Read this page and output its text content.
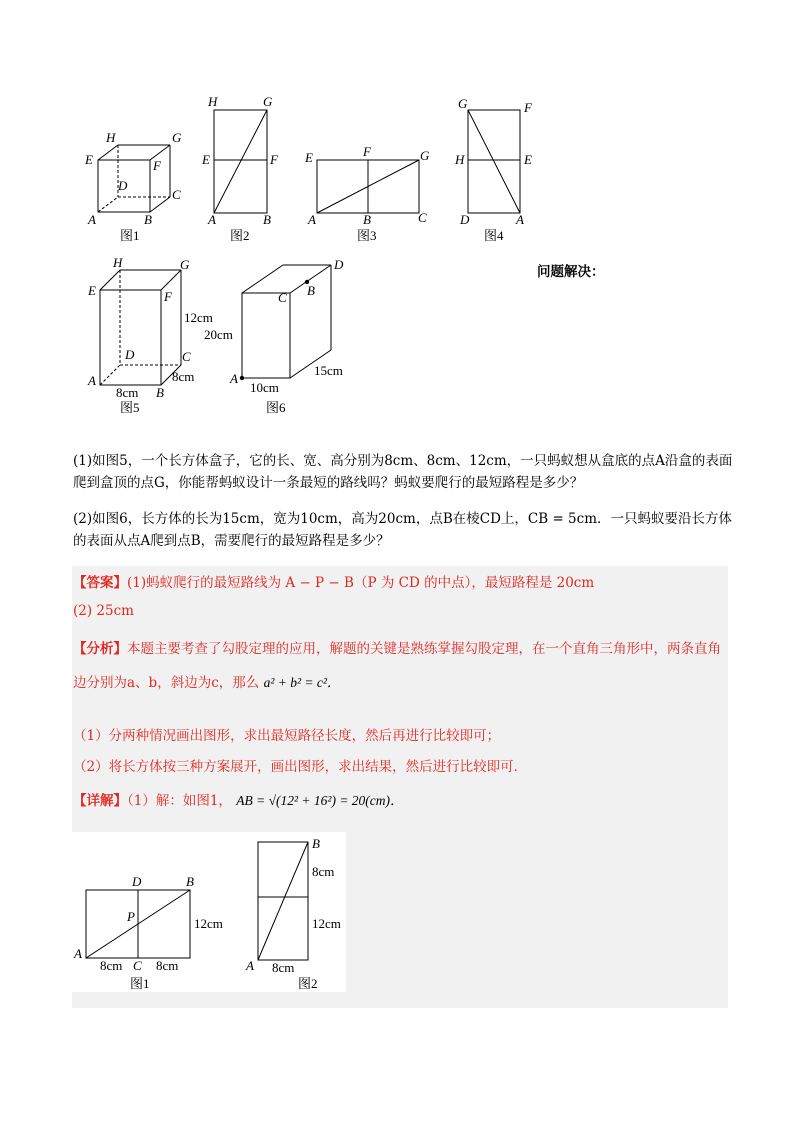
H	G
E	F
D
C
A	B
图1
H	G
E	F
A	B
图2
E	F	G
A	B	C
图3
G	F
H	E
D	A
图4
H	G
E	F
D	C
A
B
12cm
8cm
8cm
图5
D
C B
A
20cm
10cm
15cm
图6
问题解决：
(1)如图5，一个长方体盒子，它的长、宽、高分别为8cm、8cm、12cm，一只蚂蚁想从盒底的点A沿盒的表面爬到盒顶的点G，你能帮蚂蚁设计一条最短的路线吗？蚂蚁要爬行的最短路程是多少？
(2)如图6，长方体的长为15cm，宽为10cm，高为20cm，点B在棱CD上，CB = 5cm．一只蚂蚁要沿长方体的表面从点A爬到点B，需要爬行的最短路程是多少？
【答案】(1)蚂蚁爬行的最短路线为 A − P − B（P 为 CD 的中点），最短路程是 20cm
(2) 25cm
【分析】本题主要考查了勾股定理的应用，解题的关键是熟练掌握勾股定理，在一个直角三角形中，两条直角边分别为a、b，斜边为c，那么 a² + b² = c²．
（1）分两种情况画出图形，求出最短路径长度，然后再进行比较即可；
（2）将长方体按三种方案展开，画出图形，求出结果，然后进行比较即可．
【详解】（1）解：如图1， AB = √(12² + 16²) = 20(cm)．
D	B
P
A
C
8cm	8cm
12cm
图1
B
A
8cm
12cm
8cm
图2
